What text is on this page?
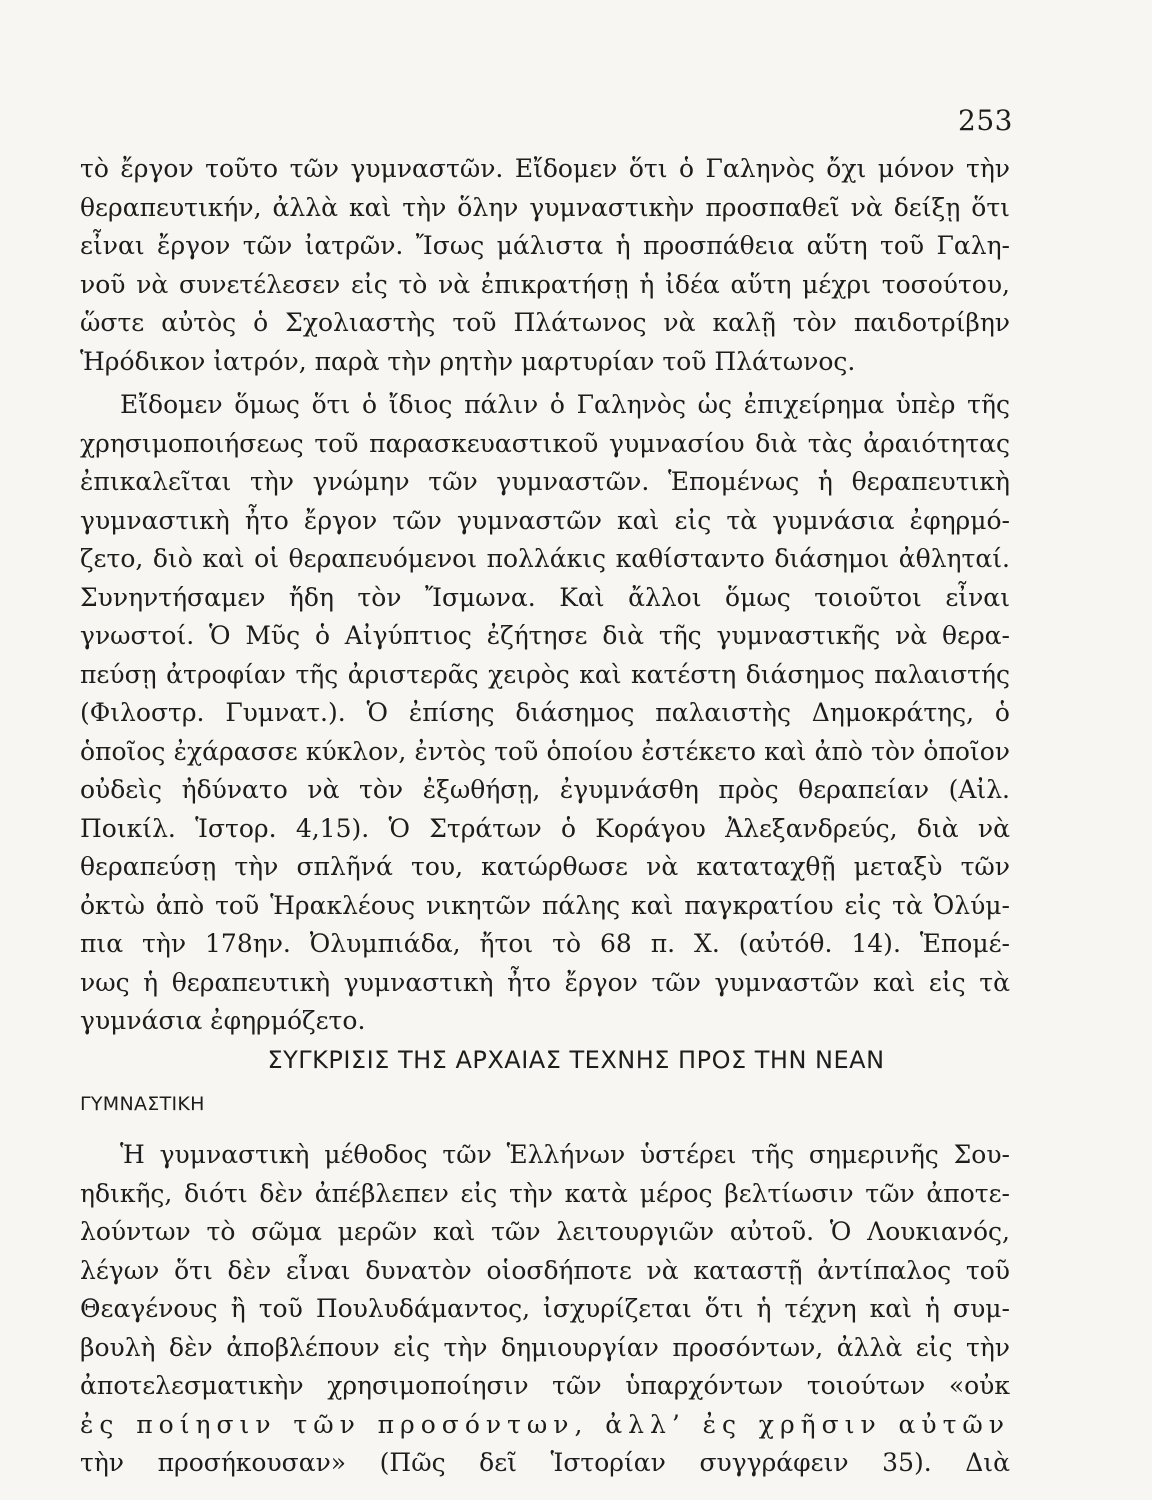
253
τὸ ἔργον τοῦτο τῶν γυμναστῶν. Εἴδομεν ὅτι ὁ Γαληνὸς ὄχι μόνον τὴν
θεραπευτικήν, ἀλλὰ καὶ τὴν ὅλην γυμναστικὴν προσπαθεῖ νὰ δείξῃ ὅτι
εἶναι ἔργον τῶν ἰατρῶν. Ἴσως μάλιστα ἡ προσπάθεια αὕτη τοῦ Γαλη-
νοῦ νὰ συνετέλεσεν εἰς τὸ νὰ ἐπικρατήσῃ ἡ ἰδέα αὕτη μέχρι τοσούτου,
ὥστε αὐτὸς ὁ Σχολιαστὴς τοῦ Πλάτωνος νὰ καλῇ τὸν παιδοτρίβην
Ἡρόδικον ἰατρόν, παρὰ τὴν ρητὴν μαρτυρίαν τοῦ Πλάτωνος.
Εἴδομεν ὅμως ὅτι ὁ ἴδιος πάλιν ὁ Γαληνὸς ὡς ἐπιχείρημα ὑπὲρ τῆς
χρησιμοποιήσεως τοῦ παρασκευαστικοῦ γυμνασίου διὰ τὰς ἀραιότητας
ἐπικαλεῖται τὴν γνώμην τῶν γυμναστῶν. Ἑπομένως ἡ θεραπευτικὴ
γυμναστικὴ ἦτο ἔργον τῶν γυμναστῶν καὶ εἰς τὰ γυμνάσια ἐφηρμό-
ζετο, διὸ καὶ οἱ θεραπευόμενοι πολλάκις καθίσταντο διάσημοι ἀθληταί.
Συνηντήσαμεν ἤδη τὸν Ἴσμωνα. Καὶ ἄλλοι ὅμως τοιοῦτοι εἶναι
γνωστοί. Ὁ Μῦς ὁ Αἰγύπτιος ἐζήτησε διὰ τῆς γυμναστικῆς νὰ θερα-
πεύσῃ ἀτροφίαν τῆς ἀριστερᾶς χειρὸς καὶ κατέστη διάσημος παλαιστής
(Φιλοστρ. Γυμνατ.). Ὁ ἐπίσης διάσημος παλαιστὴς Δημοκράτης, ὁ
ὁποῖος ἐχάρασσε κύκλον, ἐντὸς τοῦ ὁποίου ἐστέκετο καὶ ἀπὸ τὸν ὁποῖον
οὐδεὶς ἠδύνατο νὰ τὸν ἐξωθήσῃ, ἐγυμνάσθη πρὸς θεραπείαν (Αἰλ.
Ποικίλ. Ἱστορ. 4,15). Ὁ Στράτων ὁ Κοράγου Ἀλεξανδρεύς, διὰ νὰ
θεραπεύσῃ τὴν σπλῆνά του, κατώρθωσε νὰ καταταχθῇ μεταξὺ τῶν
ὀκτὼ ἀπὸ τοῦ Ἡρακλέους νικητῶν πάλης καὶ παγκρατίου εἰς τὰ Ὀλύμ-
πια τὴν 178ην. Ὀλυμπιάδα, ἤτοι τὸ 68 π. Χ. (αὐτόθ. 14). Ἑπομέ-
νως ἡ θεραπευτικὴ γυμναστικὴ ἦτο ἔργον τῶν γυμναστῶν καὶ εἰς τὰ
γυμνάσια ἐφηρμόζετο.
ΣΥΓΚΡΙΣΙΣ ΤΗΣ ΑΡΧΑΙΑΣ ΤΕΧΝΗΣ ΠΡΟΣ ΤΗΝ ΝΕΑΝ
ΓΥΜΝΑΣΤΙΚΗ
Ἡ γυμναστικὴ μέθοδος τῶν Ἑλλήνων ὑστέρει τῆς σημερινῆς Σου-
ηδικῆς, διότι δὲν ἀπέβλεπεν εἰς τὴν κατὰ μέρος βελτίωσιν τῶν ἀποτε-
λούντων τὸ σῶμα μερῶν καὶ τῶν λειτουργιῶν αὐτοῦ. Ὁ Λουκιανός,
λέγων ὅτι δὲν εἶναι δυνατὸν οἱοσδήποτε νὰ καταστῇ ἀντίπαλος τοῦ
Θεαγένους ἢ τοῦ Πουλυδάμαντος, ἰσχυρίζεται ὅτι ἡ τέχνη καὶ ἡ συμ-
βουλὴ δὲν ἀποβλέπουν εἰς τὴν δημιουργίαν προσόντων, ἀλλὰ εἰς τὴν
ἀποτελεσματικὴν χρησιμοποίησιν τῶν ὑπαρχόντων τοιούτων «οὐκ
ἐς ποίησιν τῶν προσόντων, ἀλλ’ ἐς χρῆσιν αὐτῶν
τὴν προσήκουσαν» (Πῶς δεῖ Ἱστορίαν συγγράφειν 35). Διὰ
